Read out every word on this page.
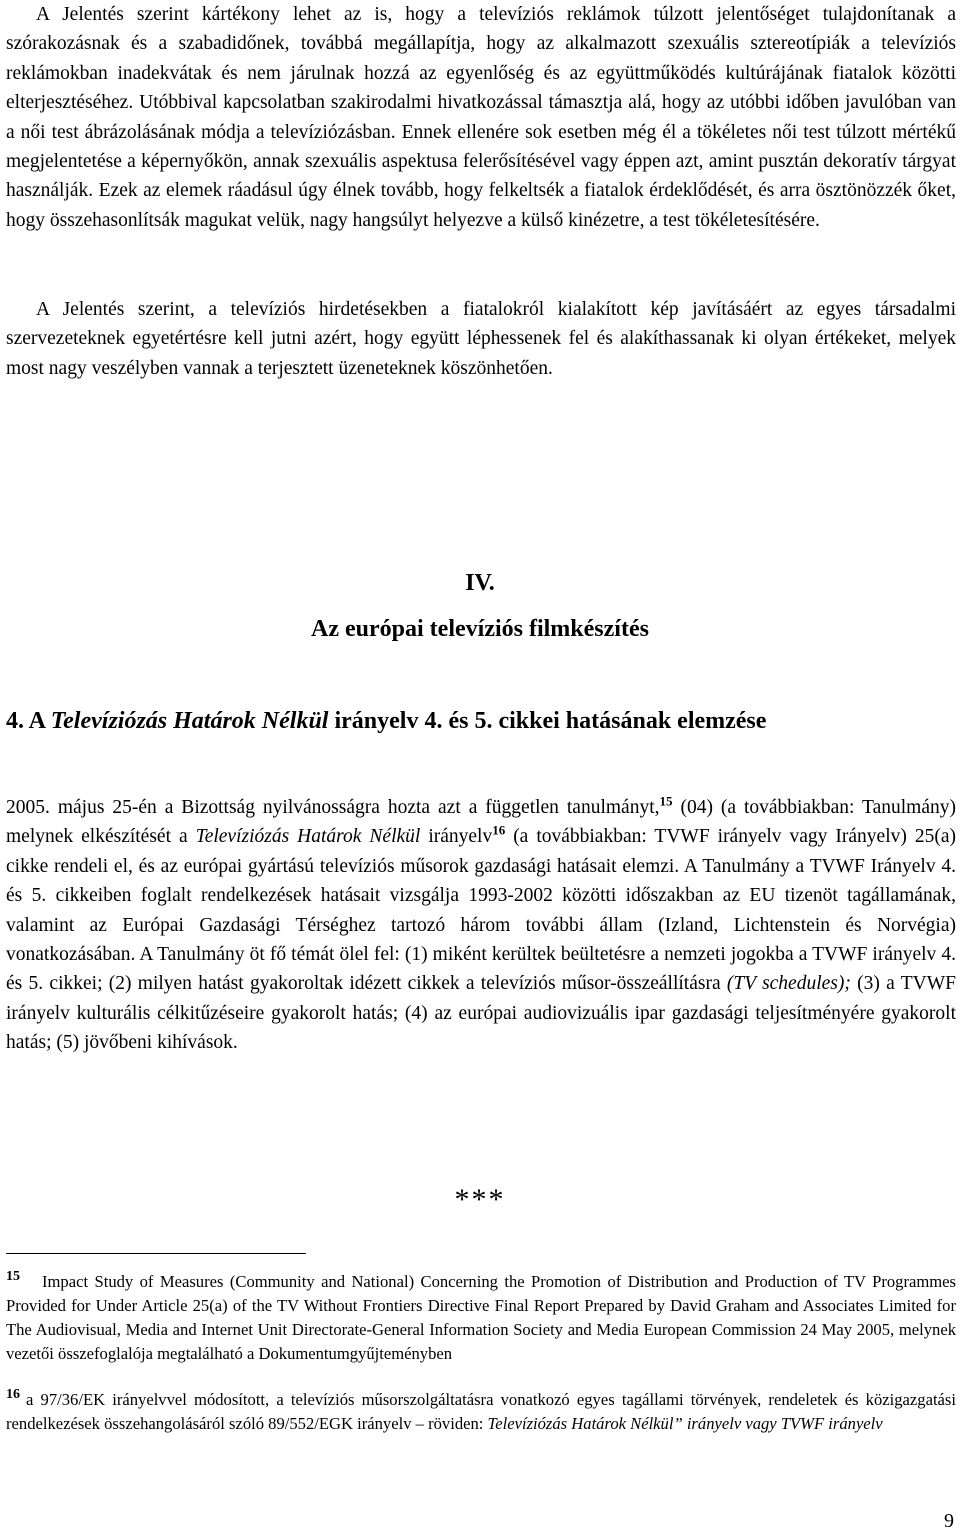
A Jelentés szerint kártékony lehet az is, hogy a televíziós reklámok túlzott jelentőséget tulajdonítanak a szórakozásnak és a szabadidőnek, továbbá megállapítja, hogy az alkalmazott szexuális sztereotípiák a televíziós reklámokban inadekvátak és nem járulnak hozzá az egyenlőség és az együttműködés kultúrájának fiatalok közötti elterjesztéséhez. Utóbbival kapcsolatban szakirodalmi hivatkozással támasztja alá, hogy az utóbbi időben javulóban van a női test ábrázolásának módja a televíziózásban. Ennek ellenére sok esetben még él a tökéletes női test túlzott mértékű megjelentetése a képernyőkön, annak szexuális aspektusa felerősítésével vagy éppen azt, amint pusztán dekoratív tárgyat használják. Ezek az elemek ráadásul úgy élnek tovább, hogy felkeltsék a fiatalok érdeklődését, és arra ösztönözzék őket, hogy összehasonlítsák magukat velük, nagy hangsúlyt helyezve a külső kinézetre, a test tökéletesítésére.

A Jelentés szerint, a televíziós hirdetésekben a fiatalokról kialakított kép javításáért az egyes társadalmi szervezeteknek egyetértésre kell jutni azért, hogy együtt léphessenek fel és alakíthassanak ki olyan értékeket, melyek most nagy veszélyben vannak a terjesztett üzeneteknek köszönhetően.

IV.
Az európai televíziós filmkészítés
4. A Televíziózás Határok Nélkül irányelv 4. és 5. cikkei hatásának elemzése

2005. május 25-én a Bizottság nyilvánosságra hozta azt a független tanulmányt,$^{15}$ (04) (a továbbiakban: Tanulmány) melynek elkészítését a Televíziózás Határok Nélkül irányelv$^{16}$ (a továbbiakban: TVWF irányelv vagy Irányelv) 25(a) cikke rendeli el, és az európai gyártású televíziós műsorok gazdasági hatásait elemzi. A Tanulmány a TVWF Irányelv 4. és 5. cikkeiben foglalt rendelkezések hatásait vizsgálja 1993-2002 közötti időszakban az EU tizenöt tagállamának, valamint az Európai Gazdasági Térséghez tartozó három további állam (Izland, Lichtenstein és Norvégia) vonatkozásában. A Tanulmány öt fő témát ölel fel: (1) miként kerültek beültetésre a nemzeti jogokba a TVWF irányelv 4. és 5. cikkei; (2) milyen hatást gyakoroltak idézett cikkek a televíziós műsor-összeállításra (TV schedules); (3) a TVWF irányelv kulturális célkitűzéseire gyakorolt hatás; (4) az európai audiovizuális ipar gazdasági teljesítményére gyakorolt hatás; (5) jövőbeni kihívások.

***

$^{15}$ Impact Study of Measures (Community and National) Concerning the Promotion of Distribution and Production of TV Programmes Provided for Under Article 25(a) of the TV Without Frontiers Directive Final Report Prepared by David Graham and Associates Limited for The Audiovisual, Media and Internet Unit Directorate-General Information Society and Media European Commission 24 May 2005, melynek vezetői összefoglalója megtalálható a Dokumentumgyűjteményben

$^{16}$ a 97/36/EK irányelvvel módosított, a televíziós műsorszolgáltatásra vonatkozó egyes tagállami törvények, rendeletek és közigazgatási rendelkezések összehangolásáról szóló 89/552/EGK irányelv – röviden: Televíziózás Határok Nélkül” irányelv vagy TVWF irányelv

9
